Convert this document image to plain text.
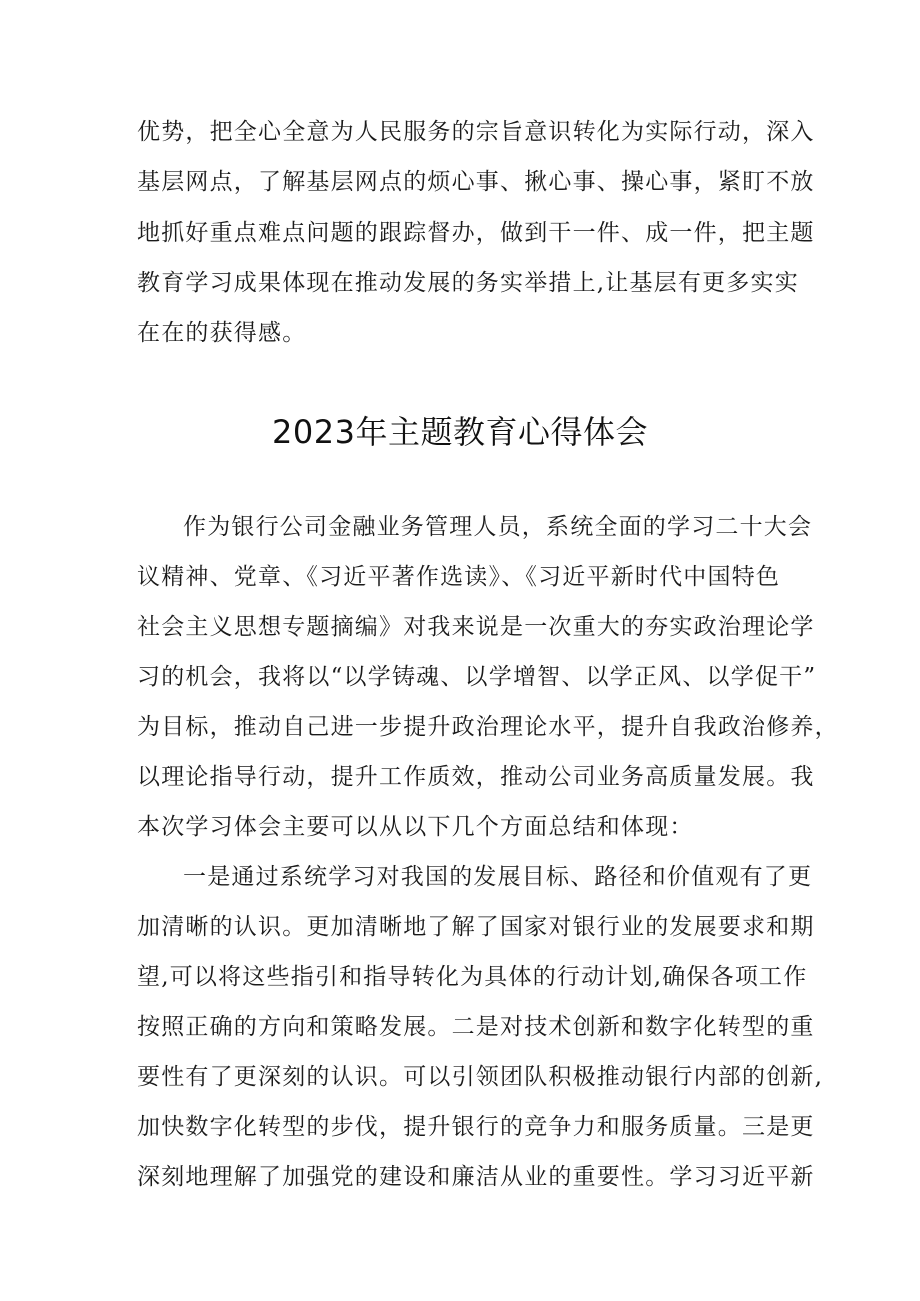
优势，把全心全意为人民服务的宗旨意识转化为实际行动，深入
基层网点，了解基层网点的烦心事、揪心事、操心事，紧盯不放
地抓好重点难点问题的跟踪督办，做到干一件、成一件，把主题
教育学习成果体现在推动发展的务实举措上,让基层有更多实实
在在的获得感。
2023年主题教育心得体会
作为银行公司金融业务管理人员，系统全面的学习二十大会
议精神、党章、《习近平著作选读》、《习近平新时代中国特色
社会主义思想专题摘编》对我来说是一次重大的夯实政治理论学
习的机会，我将以“以学铸魂、以学增智、以学正风、以学促干”
为目标，推动自己进一步提升政治理论水平，提升自我政治修养，
以理论指导行动，提升工作质效，推动公司业务高质量发展。我
本次学习体会主要可以从以下几个方面总结和体现：
一是通过系统学习对我国的发展目标、路径和价值观有了更
加清晰的认识。更加清晰地了解了国家对银行业的发展要求和期
望,可以将这些指引和指导转化为具体的行动计划,确保各项工作
按照正确的方向和策略发展。二是对技术创新和数字化转型的重
要性有了更深刻的认识。可以引领团队积极推动银行内部的创新,
加快数字化转型的步伐，提升银行的竞争力和服务质量。三是更
深刻地理解了加强党的建设和廉洁从业的重要性。学习习近平新
